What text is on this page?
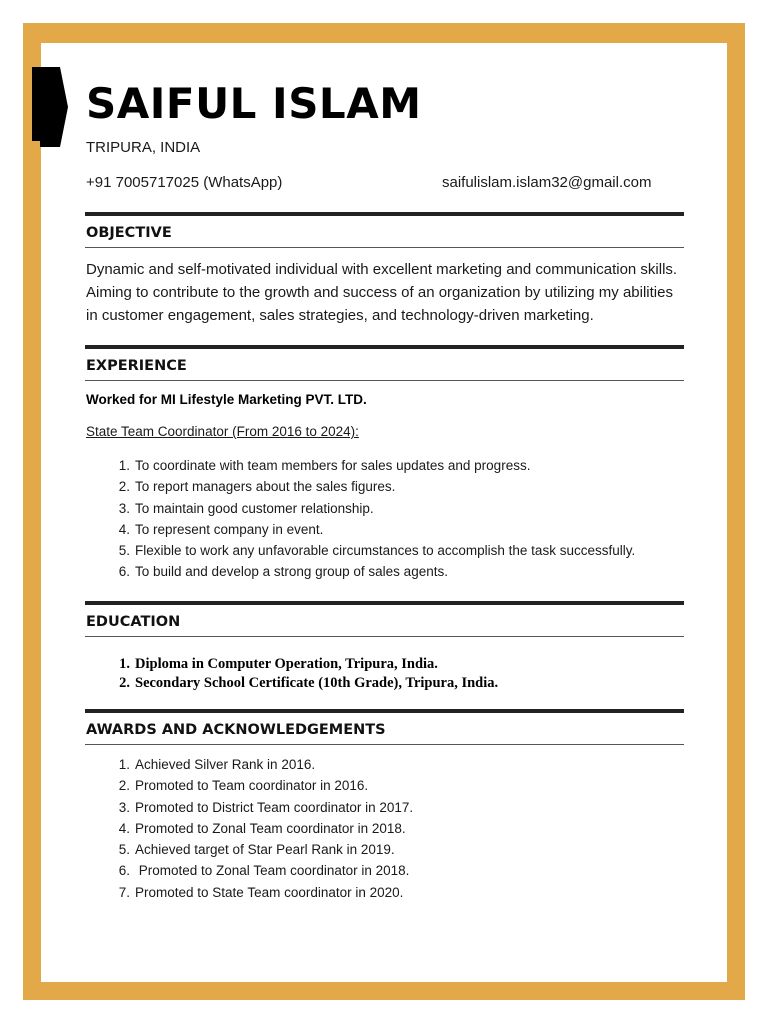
SAIFUL ISLAM
TRIPURA, INDIA
+91 7005717025 (WhatsApp)	saifulislam.islam32@gmail.com
OBJECTIVE
Dynamic and self-motivated individual with excellent marketing and communication skills.
Aiming to contribute to the growth and success of an organization by utilizing my abilities
in customer engagement, sales strategies, and technology-driven marketing.
EXPERIENCE
Worked for MI Lifestyle Marketing PVT. LTD.
State Team Coordinator (From 2016 to 2024):
1. To coordinate with team members for sales updates and progress.
2. To report managers about the sales figures.
3. To maintain good customer relationship.
4. To represent company in event.
5. Flexible to work any unfavorable circumstances to accomplish the task successfully.
6. To build and develop a strong group of sales agents.
EDUCATION
1. Diploma in Computer Operation, Tripura, India.
2. Secondary School Certificate (10th Grade), Tripura, India.
AWARDS AND ACKNOWLEDGEMENTS
1. Achieved Silver Rank in 2016.
2. Promoted to Team coordinator in 2016.
3. Promoted to District Team coordinator in 2017.
4. Promoted to Zonal Team coordinator in 2018.
5. Achieved target of Star Pearl Rank in 2019.
6. Promoted to Zonal Team coordinator in 2018.
7. Promoted to State Team coordinator in 2020.
